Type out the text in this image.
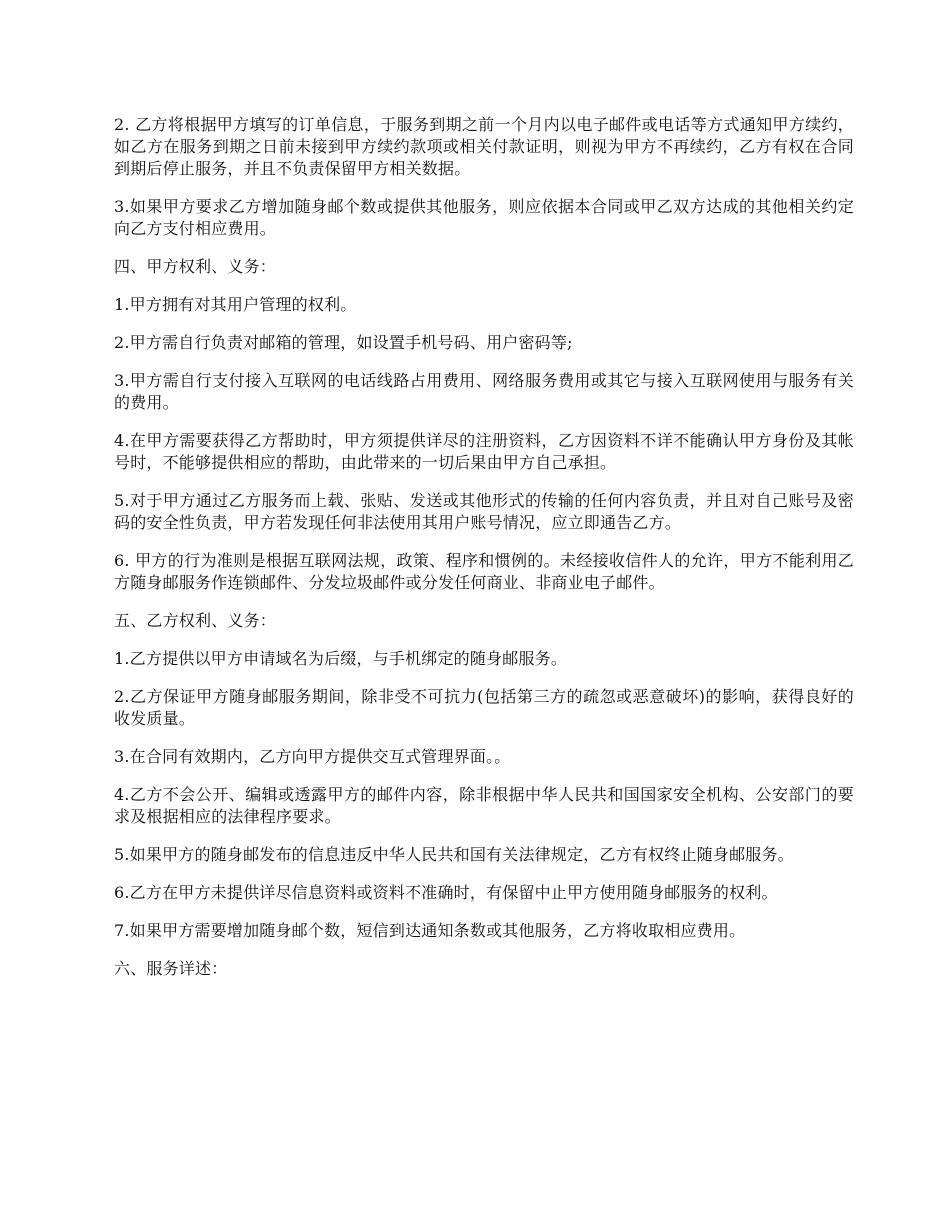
2. 乙方将根据甲方填写的订单信息，于服务到期之前一个月内以电子邮件或电话等方式通知甲方续约，如乙方在服务到期之日前未接到甲方续约款项或相关付款证明，则视为甲方不再续约，乙方有权在合同到期后停止服务，并且不负责保留甲方相关数据。

3.如果甲方要求乙方增加随身邮个数或提供其他服务，则应依据本合同或甲乙双方达成的其他相关约定向乙方支付相应费用。

四、甲方权利、义务：

1.甲方拥有对其用户管理的权利。

2.甲方需自行负责对邮箱的管理，如设置手机号码、用户密码等;

3.甲方需自行支付接入互联网的电话线路占用费用、网络服务费用或其它与接入互联网使用与服务有关的费用。

4.在甲方需要获得乙方帮助时，甲方须提供详尽的注册资料，乙方因资料不详不能确认甲方身份及其帐号时，不能够提供相应的帮助，由此带来的一切后果由甲方自己承担。

5.对于甲方通过乙方服务而上载、张贴、发送或其他形式的传输的任何内容负责，并且对自己账号及密码的安全性负责，甲方若发现任何非法使用其用户账号情况，应立即通告乙方。

6. 甲方的行为准则是根据互联网法规，政策、程序和惯例的。未经接收信件人的允许，甲方不能利用乙方随身邮服务作连锁邮件、分发垃圾邮件或分发任何商业、非商业电子邮件。

五、乙方权利、义务：

1.乙方提供以甲方申请域名为后缀，与手机绑定的随身邮服务。

2.乙方保证甲方随身邮服务期间，除非受不可抗力(包括第三方的疏忽或恶意破坏)的影响，获得良好的收发质量。

3.在合同有效期内，乙方向甲方提供交互式管理界面。。

4.乙方不会公开、编辑或透露甲方的邮件内容，除非根据中华人民共和国国家安全机构、公安部门的要求及根据相应的法律程序要求。

5.如果甲方的随身邮发布的信息违反中华人民共和国有关法律规定，乙方有权终止随身邮服务。

6.乙方在甲方未提供详尽信息资料或资料不准确时，有保留中止甲方使用随身邮服务的权利。

7.如果甲方需要增加随身邮个数，短信到达通知条数或其他服务，乙方将收取相应费用。

六、服务详述：
